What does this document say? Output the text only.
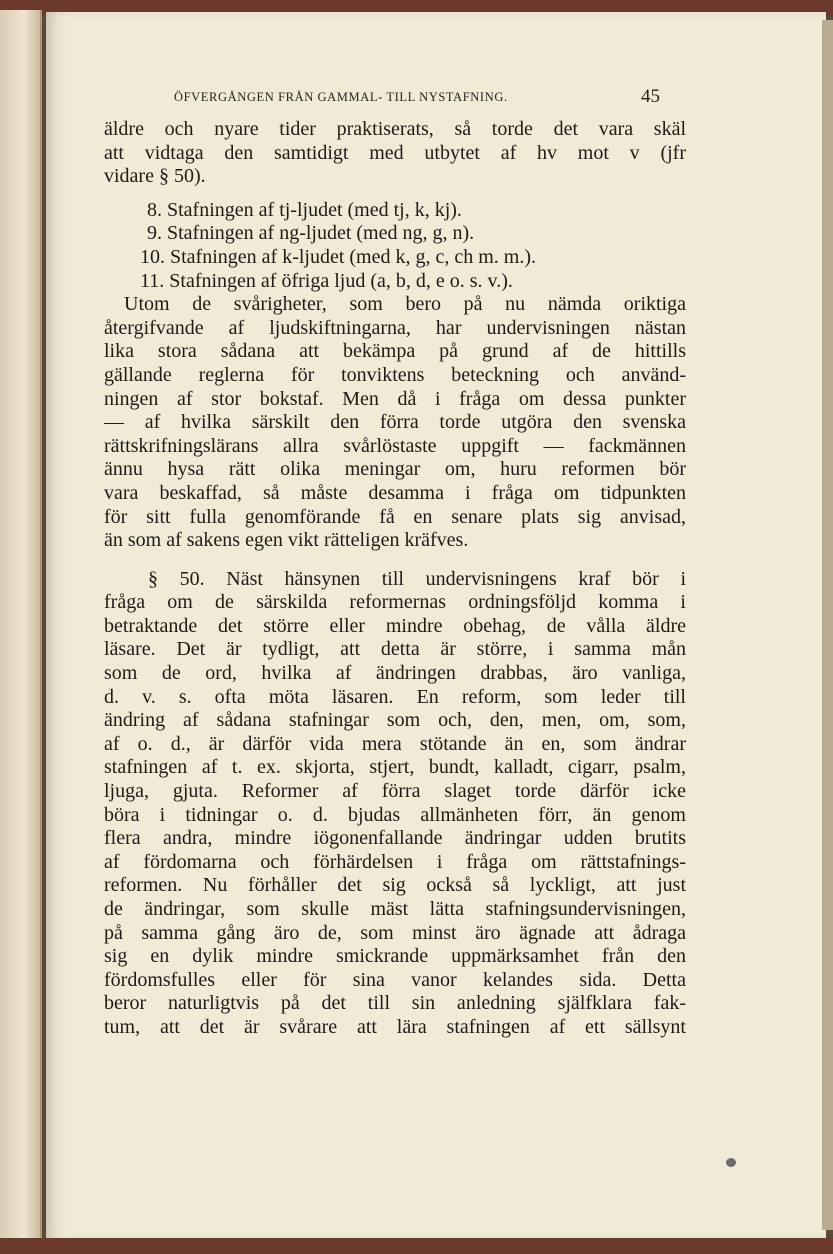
ÖFVERGÅNGEN FRÅN GAMMAL- TILL NYSTAFNING.	45
äldre och nyare tider praktiserats, så torde det vara skäl
att vidtaga den samtidigt med utbytet af hv mot v (jfr
vidare § 50).
8. Stafningen af tj-ljudet (med tj, k, kj).
9. Stafningen af ng-ljudet (med ng, g, n).
10. Stafningen af k-ljudet (med k, g, c, ch m. m.).
11. Stafningen af öfriga ljud (a, b, d, e o. s. v.).
Utom de svårigheter, som bero på nu nämda oriktiga
återgifvande af ljudskiftningarna, har undervisningen nästan
lika stora sådana att bekämpa på grund af de hittills
gällande reglerna för tonviktens beteckning och använd-
ningen af stor bokstaf. Men då i fråga om dessa punkter
— af hvilka särskilt den förra torde utgöra den svenska
rättskrifningslärans allra svårlöstaste uppgift — fackmännen
ännu hysa rätt olika meningar om, huru reformen bör
vara beskaffad, så måste desamma i fråga om tidpunkten
för sitt fulla genomförande få en senare plats sig anvisad,
än som af sakens egen vikt rätteligen kräfves.
§ 50. Näst hänsynen till undervisningens kraf bör i
fråga om de särskilda reformernas ordningsföljd komma i
betraktande det större eller mindre obehag, de vålla äldre
läsare. Det är tydligt, att detta är större, i samma mån
som de ord, hvilka af ändringen drabbas, äro vanliga,
d. v. s. ofta möta läsaren. En reform, som leder till
ändring af sådana stafningar som och, den, men, om, som,
af o. d., är därför vida mera stötande än en, som ändrar
stafningen af t. ex. skjorta, stjert, bundt, kalladt, cigarr, psalm,
ljuga, gjuta. Reformer af förra slaget torde därför icke
böra i tidningar o. d. bjudas allmänheten förr, än genom
flera andra, mindre iögonenfallande ändringar udden brutits
af fördomarna och förhärdelsen i fråga om rättstafnings-
reformen. Nu förhåller det sig också så lyckligt, att just
de ändringar, som skulle mäst lätta stafningsundervisningen,
på samma gång äro de, som minst äro ägnade att ådraga
sig en dylik mindre smickrande uppmärksamhet från den
fördomsfulles eller för sina vanor kelandes sida. Detta
beror naturligtvis på det till sin anledning själfklara fak-
tum, att det är svårare att lära stafningen af ett sällsynt
